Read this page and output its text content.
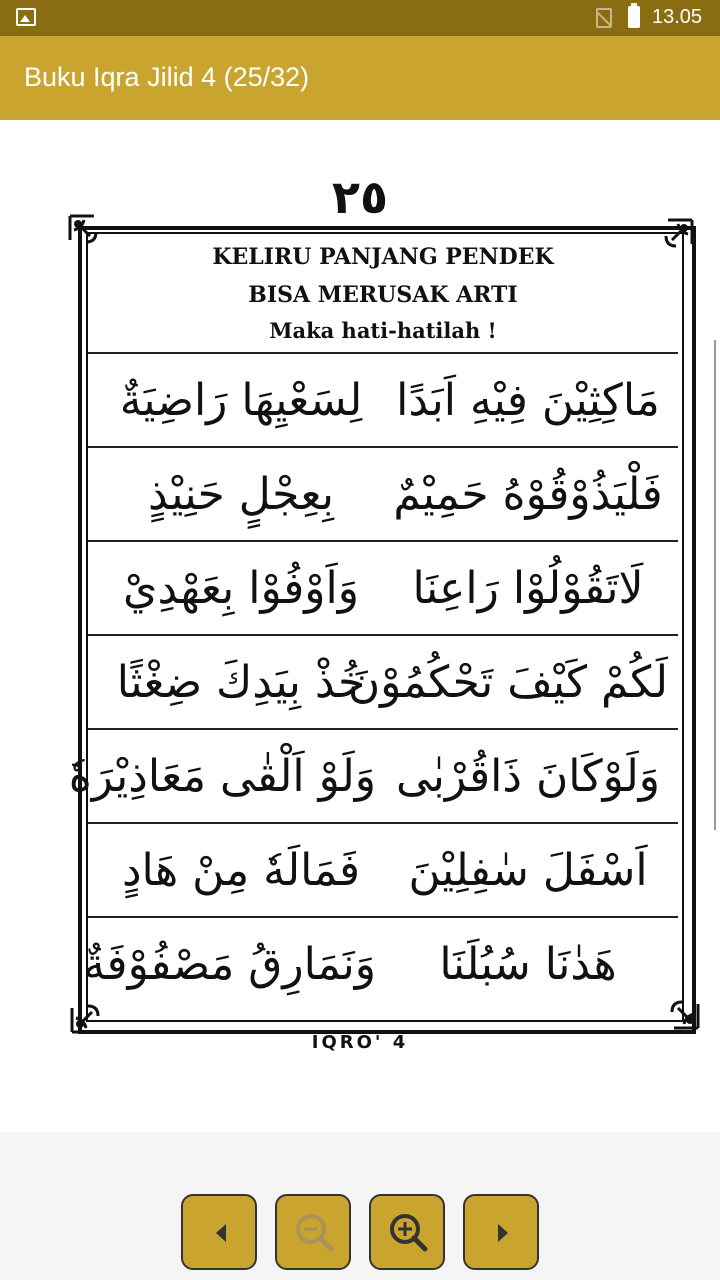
13.05
Buku Iqra Jilid 4 (25/32)
٢٥
KELIRU PANJANG PENDEK
BISA MERUSAK ARTI
Maka hati-hatilah !
مَاكِثِيْنَ فِيْهِ اَبَدًا
لِسَعْيِهَا رَاضِيَةٌ
فَلْيَذُوْقُوْهُ حَمِيْمٌ
بِعِجْلٍ حَنِيْذٍ
لَاتَقُوْلُوْا رَاعِنَا
وَاَوْفُوْا بِعَهْدِيْ
لَكُمْ كَيْفَ تَحْكُمُوْنَ
خُذْ بِيَدِكَ ضِغْثًا
وَلَوْكَانَ ذَاقُرْبٰى
وَلَوْ اَلْقٰى مَعَاذِيْرَهٗ
اَسْفَلَ سٰفِلِيْنَ
فَمَالَهٗ مِنْ هَادٍ
هَدٰنَا سُبُلَنَا
وَنَمَارِقُ مَصْفُوْفَةٌ
IQRO' 4
